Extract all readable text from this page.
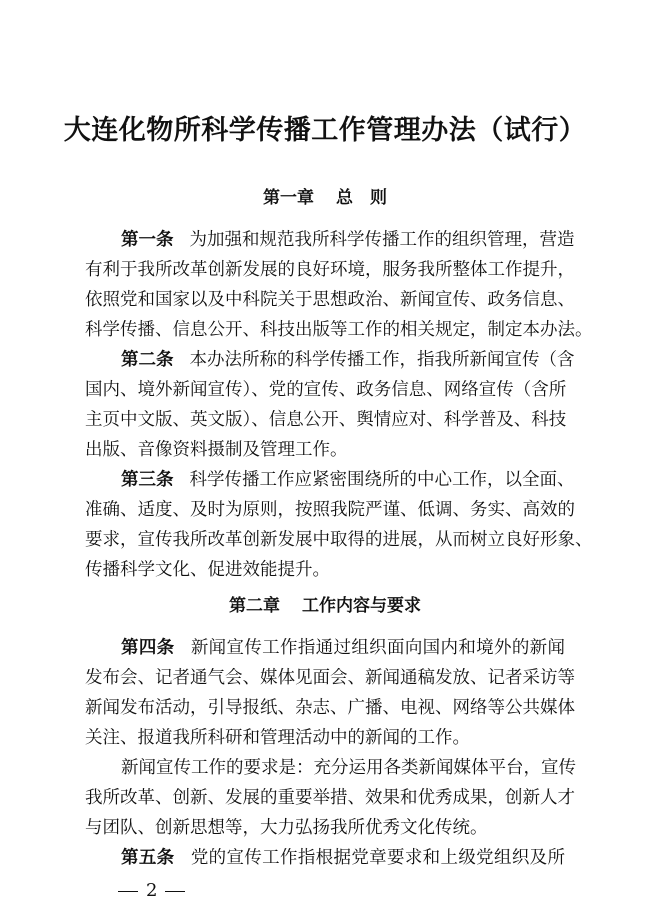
大连化物所科学传播工作管理办法（试行）
第一章 总　则

第一条 为加强和规范我所科学传播工作的组织管理，营造

有利于我所改革创新发展的良好环境，服务我所整体工作提升，

依照党和国家以及中科院关于思想政治、新闻宣传、政务信息、

科学传播、信息公开、科技出版等工作的相关规定，制定本办法。

第二条 本办法所称的科学传播工作，指我所新闻宣传（含

国内、境外新闻宣传）、党的宣传、政务信息、网络宣传（含所

主页中文版、英文版）、信息公开、舆情应对、科学普及、科技

出版、音像资料摄制及管理工作。

第三条 科学传播工作应紧密围绕所的中心工作，以全面、

准确、适度、及时为原则，按照我院严谨、低调、务实、高效的

要求，宣传我所改革创新发展中取得的进展，从而树立良好形象、

传播科学文化、促进效能提升。

第二章 工作内容与要求

第四条 新闻宣传工作指通过组织面向国内和境外的新闻

发布会、记者通气会、媒体见面会、新闻通稿发放、记者采访等

新闻发布活动，引导报纸、杂志、广播、电视、网络等公共媒体

关注、报道我所科研和管理活动中的新闻的工作。

新闻宣传工作的要求是：充分运用各类新闻媒体平台，宣传

我所改革、创新、发展的重要举措、效果和优秀成果，创新人才

与团队、创新思想等，大力弘扬我所优秀文化传统。

第五条 党的宣传工作指根据党章要求和上级党组织及所

2
